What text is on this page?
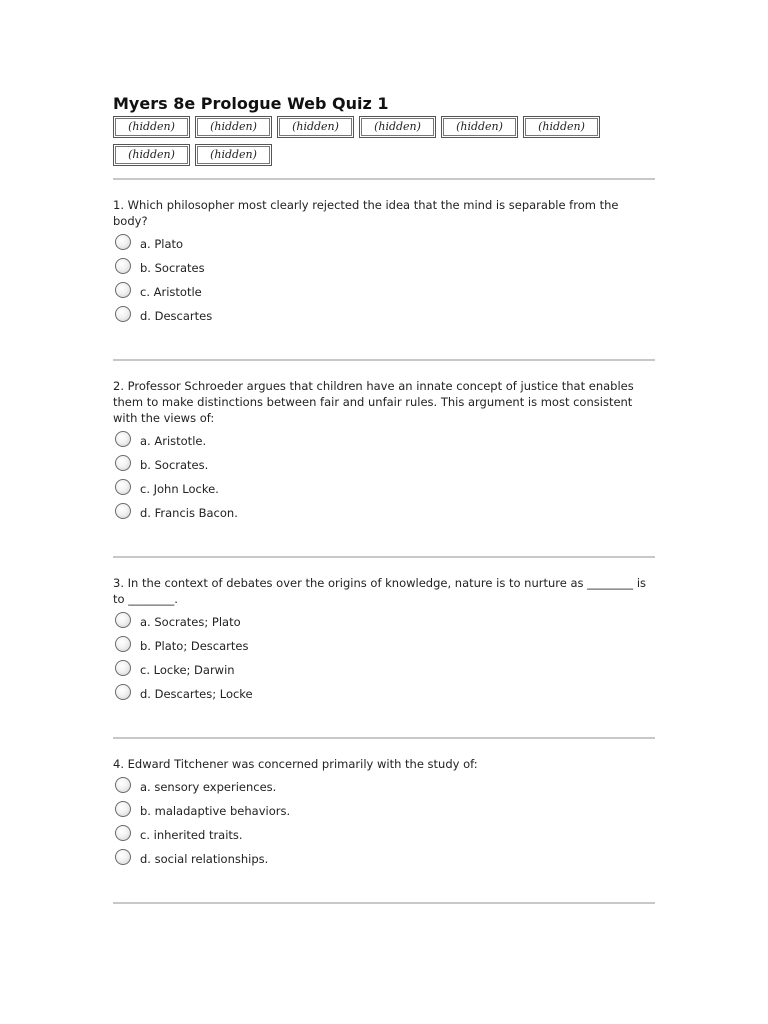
Myers 8e Prologue Web Quiz 1
(hidden)	(hidden)	(hidden)	(hidden)	(hidden)	(hidden)
(hidden)	(hidden)

1. Which philosopher most clearly rejected the idea that the mind is separable from the body?

a. Plato
b. Socrates
c. Aristotle
d. Descartes

2. Professor Schroeder argues that children have an innate concept of justice that enables them to make distinctions between fair and unfair rules. This argument is most consistent with the views of:

a. Aristotle.
b. Socrates.
c. John Locke.
d. Francis Bacon.

3. In the context of debates over the origins of knowledge, nature is to nurture as ________ is to ________.

a. Socrates; Plato
b. Plato; Descartes
c. Locke; Darwin
d. Descartes; Locke

4. Edward Titchener was concerned primarily with the study of:

a. sensory experiences.
b. maladaptive behaviors.
c. inherited traits.
d. social relationships.
